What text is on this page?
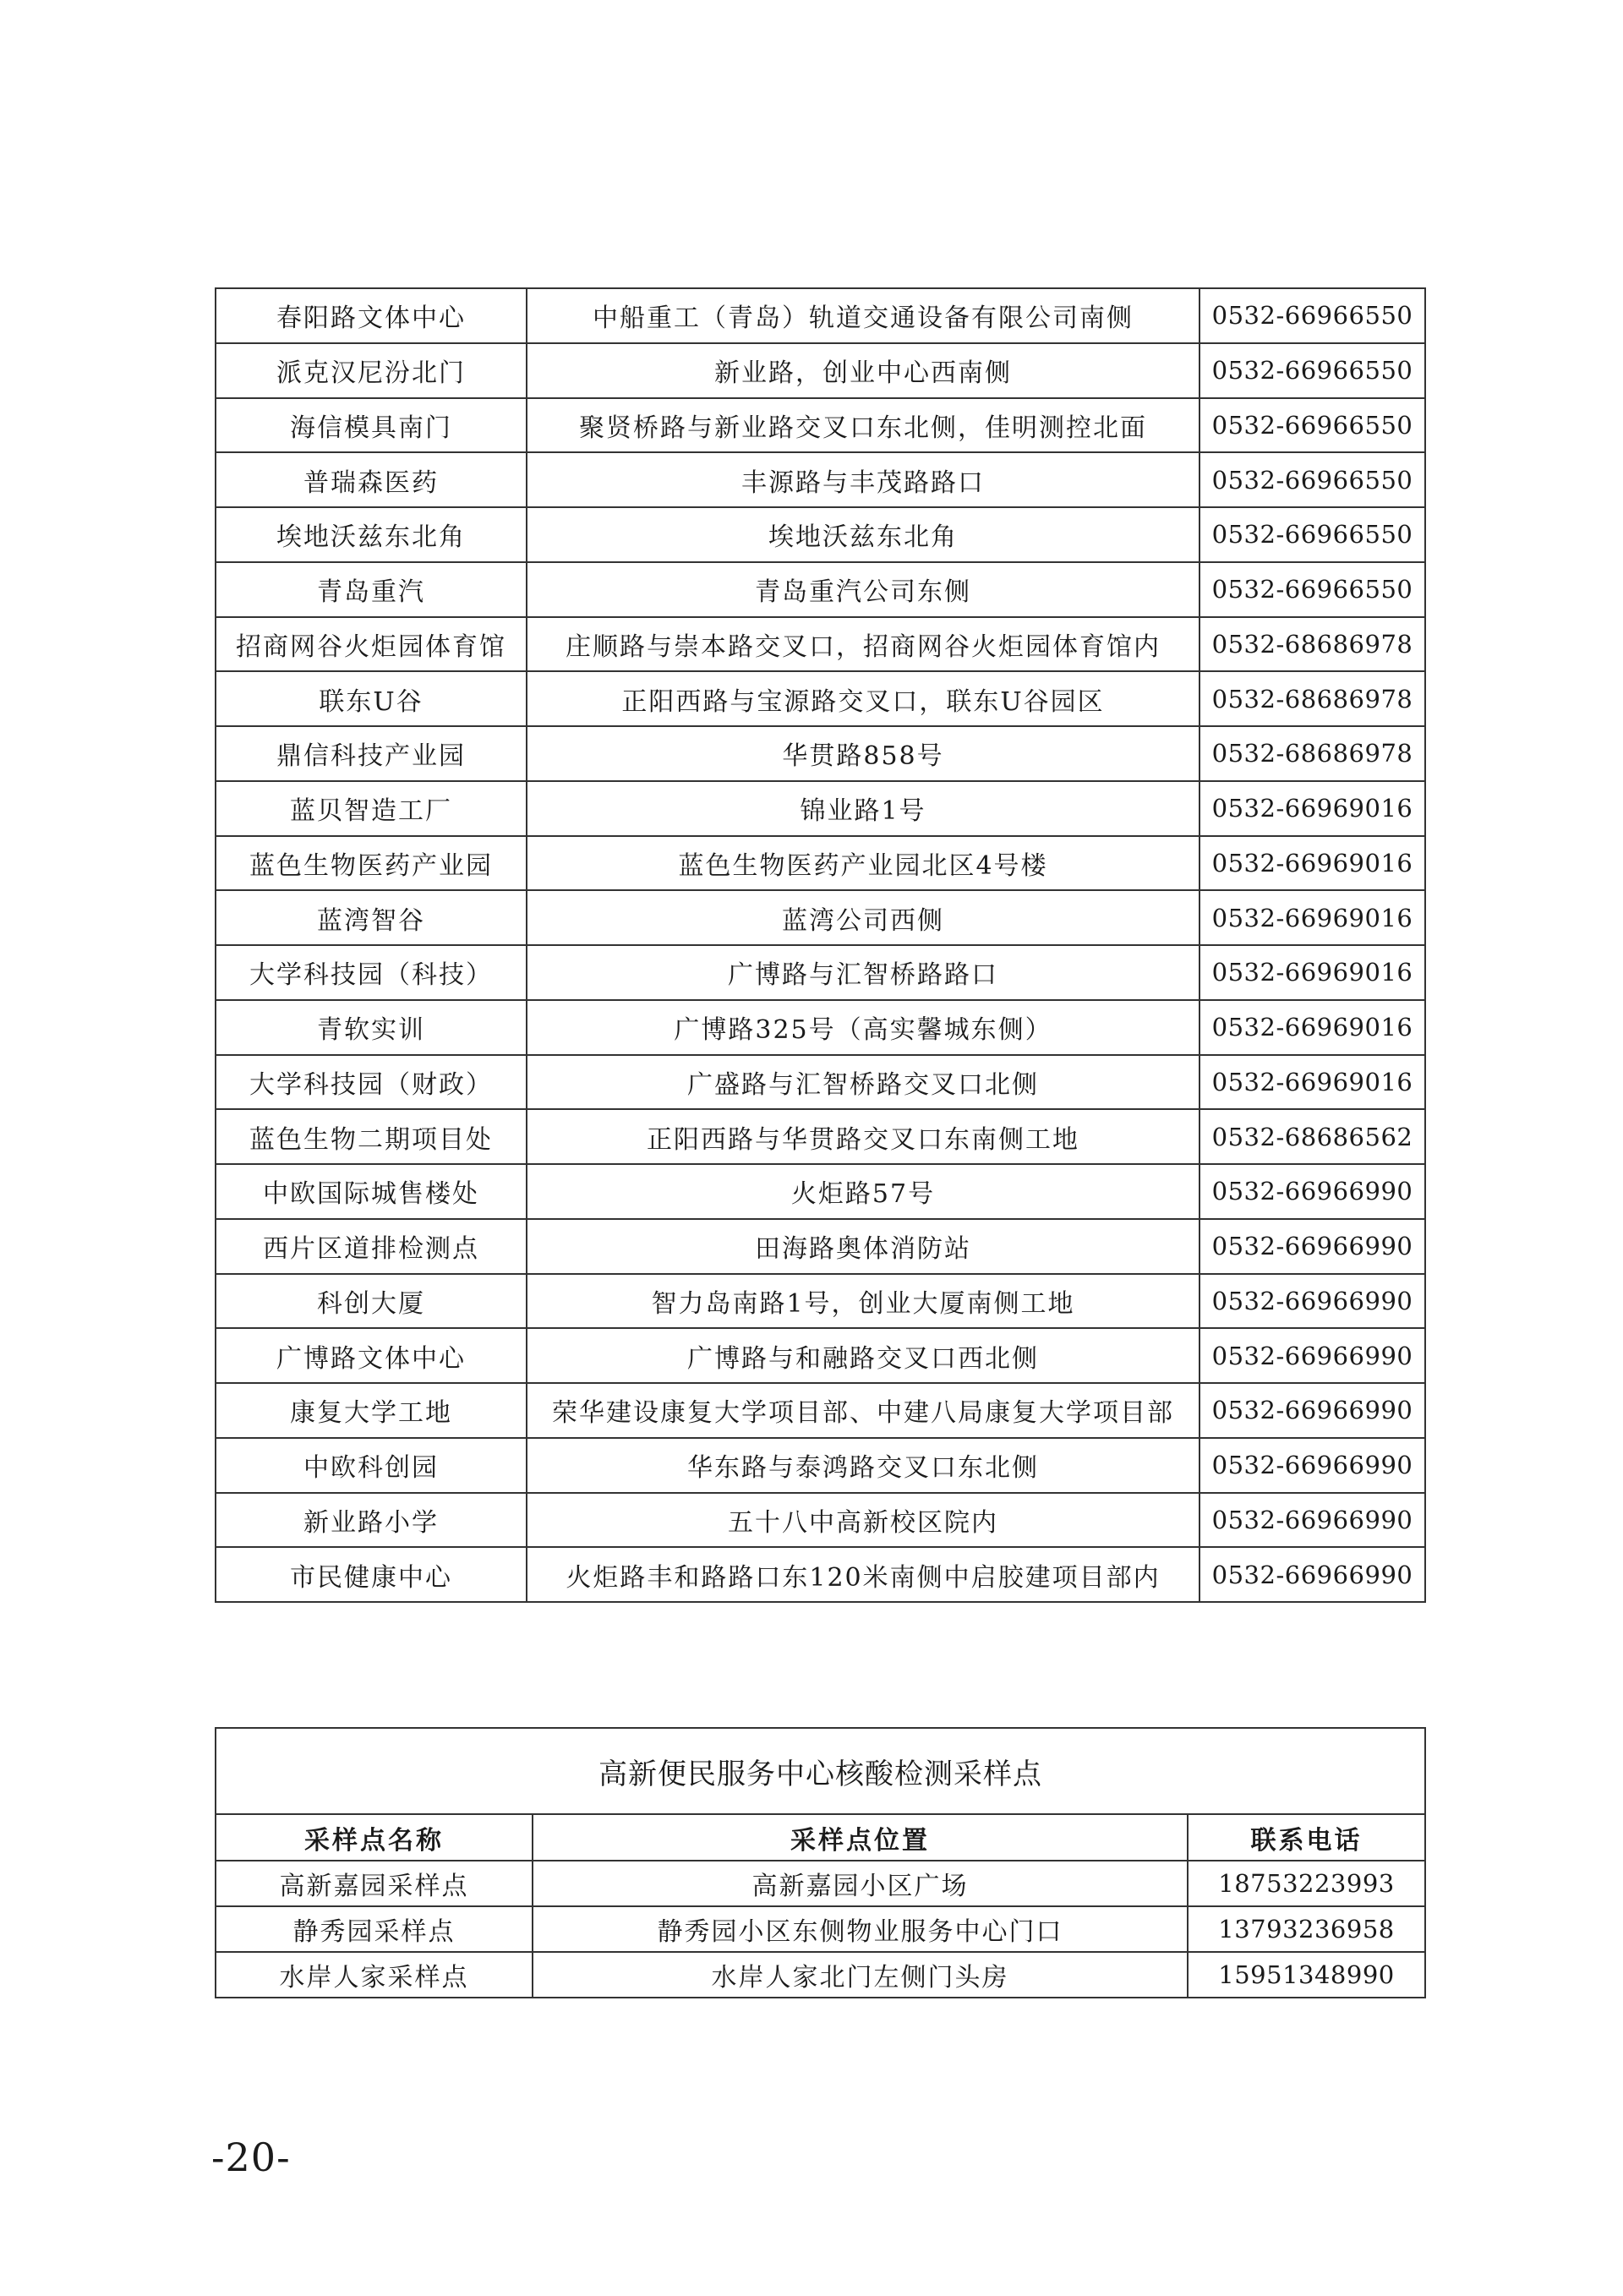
春阳路文体中心	中船重工（青岛）轨道交通设备有限公司南侧	0532-66966550
派克汉尼汾北门	新业路，创业中心西南侧	0532-66966550
海信模具南门	聚贤桥路与新业路交叉口东北侧，佳明测控北面	0532-66966550
普瑞森医药	丰源路与丰茂路路口	0532-66966550
埃地沃兹东北角	埃地沃兹东北角	0532-66966550
青岛重汽	青岛重汽公司东侧	0532-66966550
招商网谷火炬园体育馆	庄顺路与崇本路交叉口，招商网谷火炬园体育馆内	0532-68686978
联东U谷	正阳西路与宝源路交叉口，联东U谷园区	0532-68686978
鼎信科技产业园	华贯路858号	0532-68686978
蓝贝智造工厂	锦业路1号	0532-66969016
蓝色生物医药产业园	蓝色生物医药产业园北区4号楼	0532-66969016
蓝湾智谷	蓝湾公司西侧	0532-66969016
大学科技园（科技）	广博路与汇智桥路路口	0532-66969016
青软实训	广博路325号（高实馨城东侧）	0532-66969016
大学科技园（财政）	广盛路与汇智桥路交叉口北侧	0532-66969016
蓝色生物二期项目处	正阳西路与华贯路交叉口东南侧工地	0532-68686562
中欧国际城售楼处	火炬路57号	0532-66966990
西片区道排检测点	田海路奥体消防站	0532-66966990
科创大厦	智力岛南路1号，创业大厦南侧工地	0532-66966990
广博路文体中心	广博路与和融路交叉口西北侧	0532-66966990
康复大学工地	荣华建设康复大学项目部、中建八局康复大学项目部	0532-66966990
中欧科创园	华东路与泰鸿路交叉口东北侧	0532-66966990
新业路小学	五十八中高新校区院内	0532-66966990
市民健康中心	火炬路丰和路路口东120米南侧中启胶建项目部内	0532-66966990
高新便民服务中心核酸检测采样点		
采样点名称	采样点位置	联系电话
高新嘉园采样点	高新嘉园小区广场	18753223993
静秀园采样点	静秀园小区东侧物业服务中心门口	13793236958
水岸人家采样点	水岸人家北门左侧门头房	15951348990
-20-
